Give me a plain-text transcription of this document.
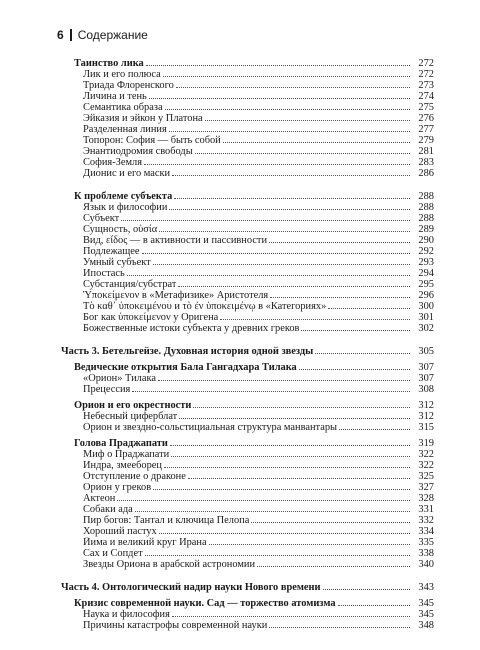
6 Содержание
Таинство лика	272
Лик и его полюса	272
Триада Флоренского	273
Личина и тень	274
Семантика образа	275
Эйказия и эйкон у Платона	276
Разделенная линия	277
Топорон: София — быть собой	279
Энантиодромия свободы	281
София-Земля	283
Дионис и его маски	286
К проблеме субъекта	288
Язык и философии	288
Субъект	288
Сущность, οὐσία	289
Вид, εἶδος — в активности и пассивности	290
Подлежащее	292
Умный субъект	293
Ипостась	294
Субстанция/субстрат	295
Ὑποκείμενον в «Метафизике» Аристотеля	296
Τὸ καθ᾽ ὑποκειμένου и τὸ ἐν ὑποκειμένῳ в «Категориях»	300
Бог как ὑποκείμενον у Оригена	301
Божественные истоки субъекта у древних греков	302
Часть 3. Бетельгейзе. Духовная история одной звезды	305
Ведические открытия Бала Гангадхара Тилака	307
«Орион» Тилака	307
Прецессия	308
Орион и его окрестности	312
Небесный циферблат	312
Орион и звездно-сольстициальная структура манвантары	315
Голова Праджапати	319
Миф о Праджапати	322
Индра, змееборец	322
Отступление о драконе	325
Орион у греков	327
Актеон	328
Собаки ада	331
Пир богов: Тантал и ключица Пелопа	332
Хороший пастух	334
Йима и великий круг Ирана	335
Сах и Сопдет	338
Звезды Ориона в арабской астрономии	340
Часть 4. Онтологический надир науки Нового времени	343
Кризис современной науки. Сад — торжество атомизма	345
Наука и философия	345
Причины катастрофы современной науки	348
